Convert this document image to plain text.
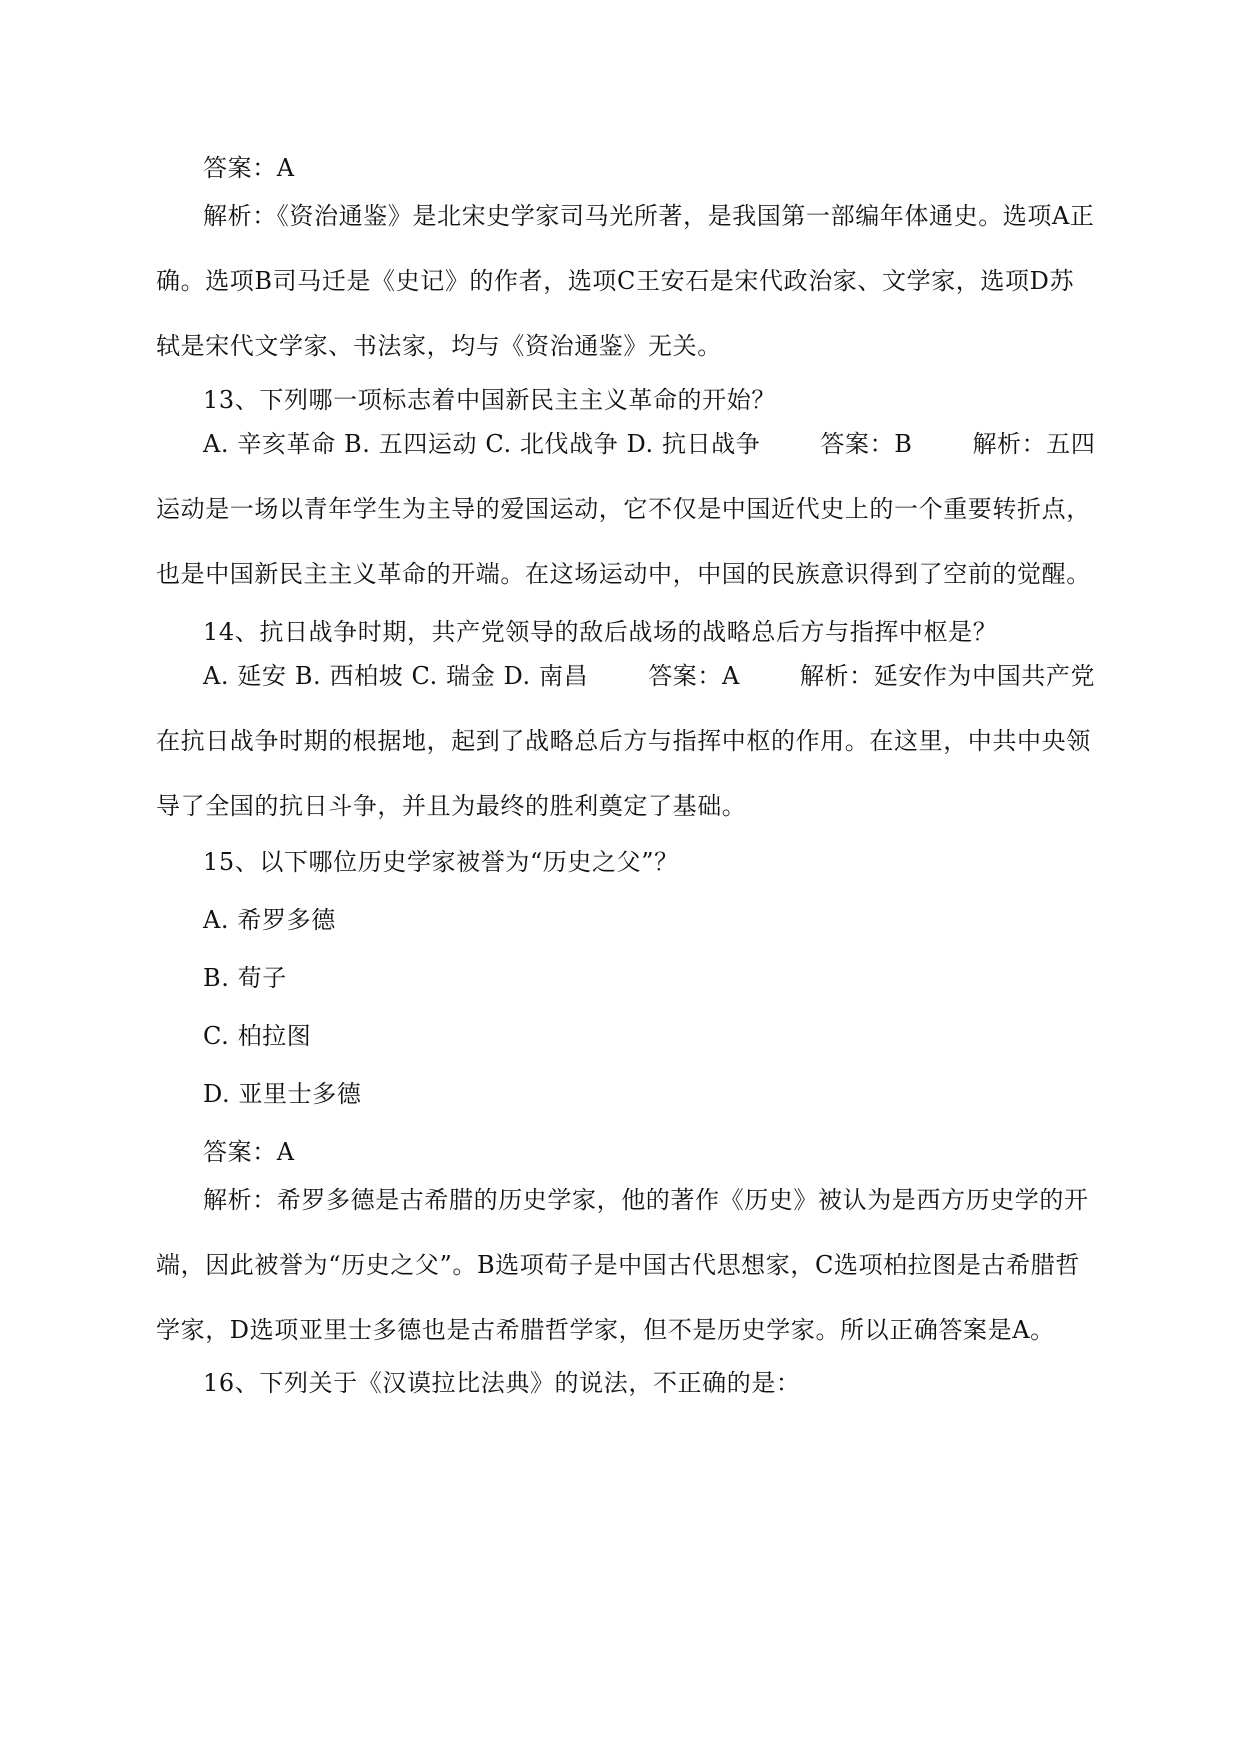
答案：A

解析：《资治通鉴》是北宋史学家司马光所著，是我国第一部编年体通史。选项A正确。选项B司马迁是《史记》的作者，选项C王安石是宋代政治家、文学家，选项D苏轼是宋代文学家、书法家，均与《资治通鉴》无关。

13、下列哪一项标志着中国新民主主义革命的开始？

A. 辛亥革命 B. 五四运动 C. 北伐战争 D. 抗日战争	答案：B	解析：五四运动是一场以青年学生为主导的爱国运动，它不仅是中国近代史上的一个重要转折点，也是中国新民主主义革命的开端。在这场运动中，中国的民族意识得到了空前的觉醒。

14、抗日战争时期，共产党领导的敌后战场的战略总后方与指挥中枢是？

A. 延安 B. 西柏坡 C. 瑞金 D. 南昌	答案：A	解析：延安作为中国共产党在抗日战争时期的根据地，起到了战略总后方与指挥中枢的作用。在这里，中共中央领导了全国的抗日斗争，并且为最终的胜利奠定了基础。

15、以下哪位历史学家被誉为“历史之父”？

A. 希罗多德

B. 荀子

C. 柏拉图

D. 亚里士多德

答案：A

解析：希罗多德是古希腊的历史学家，他的著作《历史》被认为是西方历史学的开端，因此被誉为“历史之父”。B选项荀子是中国古代思想家，C选项柏拉图是古希腊哲学家，D选项亚里士多德也是古希腊哲学家，但不是历史学家。所以正确答案是A。

16、下列关于《汉谟拉比法典》的说法，不正确的是：
